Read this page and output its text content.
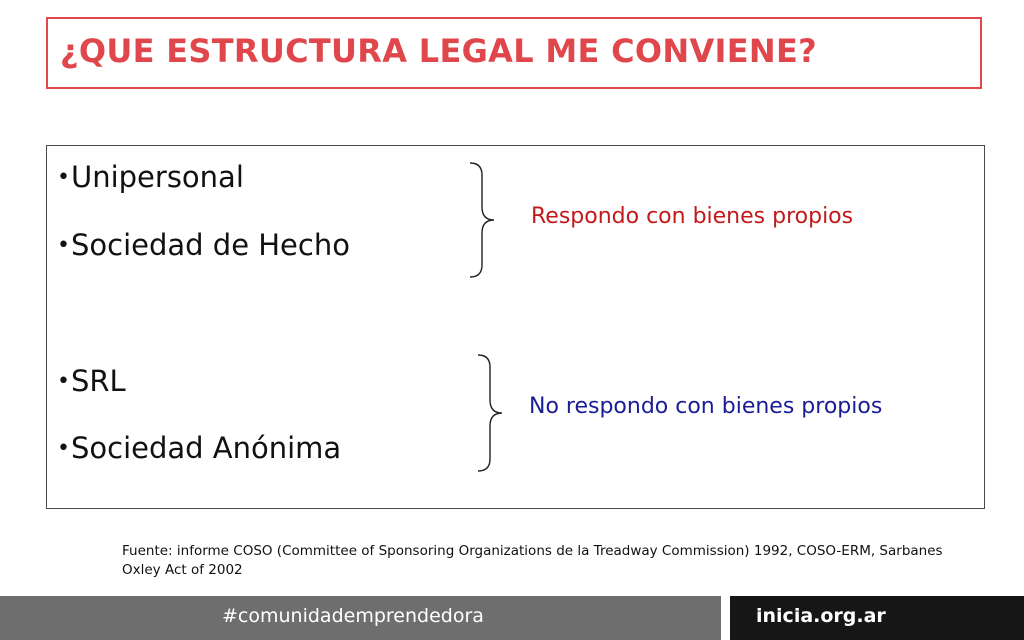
¿QUE ESTRUCTURA LEGAL ME CONVIENE?
•Unipersonal
•Sociedad de Hecho
Respondo con bienes propios
•SRL
•Sociedad Anónima
No respondo con bienes propios
Fuente: informe COSO (Committee of Sponsoring Organizations de la Treadway Commission) 1992, COSO-ERM, Sarbanes Oxley Act of 2002
#comunidademprendedora	inicia.org.ar
